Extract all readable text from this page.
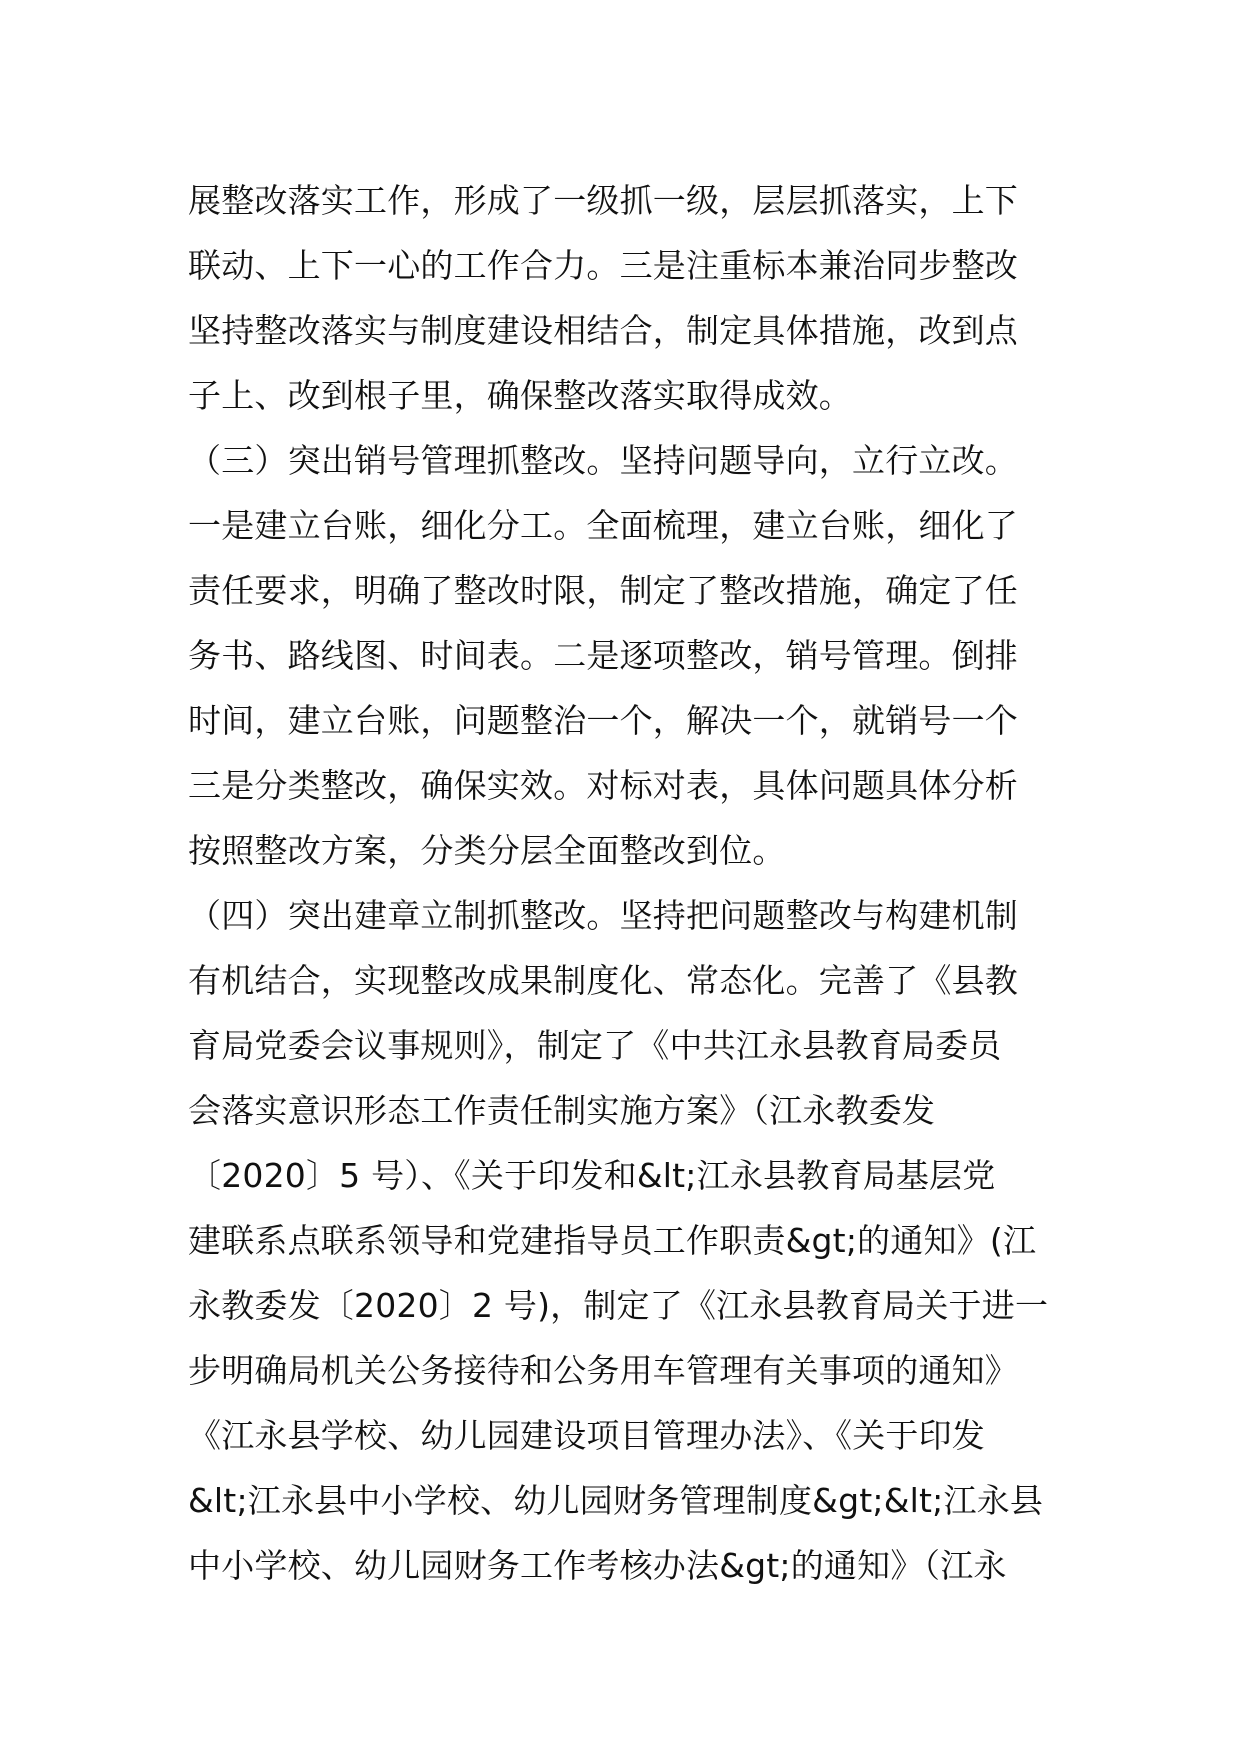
展整改落实工作，形成了一级抓一级，层层抓落实，上下
联动、上下一心的工作合力。三是注重标本兼治同步整改
坚持整改落实与制度建设相结合，制定具体措施，改到点
子上、改到根子里，确保整改落实取得成效。
（三）突出销号管理抓整改。坚持问题导向，立行立改。
一是建立台账，细化分工。全面梳理，建立台账，细化了
责任要求，明确了整改时限，制定了整改措施，确定了任
务书、路线图、时间表。二是逐项整改，销号管理。倒排
时间，建立台账，问题整治一个，解决一个，就销号一个
三是分类整改，确保实效。对标对表，具体问题具体分析
按照整改方案，分类分层全面整改到位。
（四）突出建章立制抓整改。坚持把问题整改与构建机制
有机结合，实现整改成果制度化、常态化。完善了《县教
育局党委会议事规则》，制定了《中共江永县教育局委员
会落实意识形态工作责任制实施方案》（江永教委发
〔2020〕5 号）、《关于印发和&lt;江永县教育局基层党
建联系点联系领导和党建指导员工作职责&gt;的通知》(江
永教委发〔2020〕2 号)，制定了《江永县教育局关于进一
步明确局机关公务接待和公务用车管理有关事项的通知》
《江永县学校、幼儿园建设项目管理办法》、《关于印发
&lt;江永县中小学校、幼儿园财务管理制度&gt;&lt;江永县
中小学校、幼儿园财务工作考核办法&gt;的通知》（江永
